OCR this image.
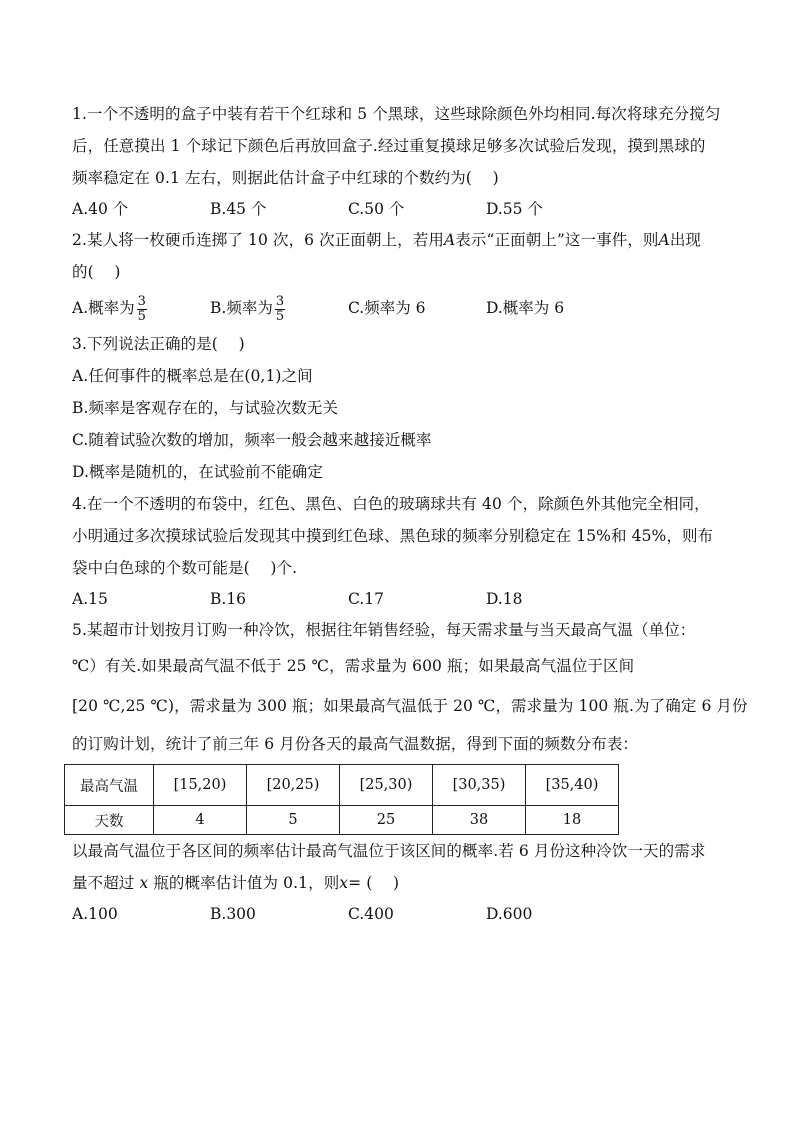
1.一个不透明的盒子中装有若干个红球和 5 个黑球，这些球除颜色外均相同.每次将球充分搅匀
后，任意摸出 1 个球记下颜色后再放回盒子.经过重复摸球足够多次试验后发现，摸到黑球的
频率稳定在 0.1 左右，则据此估计盒子中红球的个数约为(　 )
A.40 个	B.45 个	C.50 个	D.55 个
2.某人将一枚硬币连掷了 10 次，6 次正面朝上，若用A表示“正面朝上”这一事件，则A出现
的(　 )
A.概率为 $\frac{3}{5}$	B.频率为 $\frac{3}{5}$	C.频率为 6	D.概率为 6
3.下列说法正确的是(　 )
A.任何事件的概率总是在(0,1)之间
B.频率是客观存在的，与试验次数无关
C.随着试验次数的增加，频率一般会越来越接近概率
D.概率是随机的，在试验前不能确定
4.在一个不透明的布袋中，红色、黑色、白色的玻璃球共有 40 个，除颜色外其他完全相同，
小明通过多次摸球试验后发现其中摸到红色球、黑色球的频率分别稳定在 15%和 45%，则布
袋中白色球的个数可能是(　 )个.
A.15	B.16	C.17	D.18
5.某超市计划按月订购一种冷饮，根据往年销售经验，每天需求量与当天最高气温（单位：
℃）有关.如果最高气温不低于 25 ℃，需求量为 600 瓶；如果最高气温位于区间
[20 ℃,25 ℃)，需求量为 300 瓶；如果最高气温低于 20 ℃，需求量为 100 瓶.为了确定 6 月份
的订购计划，统计了前三年 6 月份各天的最高气温数据，得到下面的频数分布表：
最高气温	[15,20)	[20,25)	[25,30)	[30,35)	[35,40)
天数	4	5	25	38	18
以最高气温位于各区间的频率估计最高气温位于该区间的概率.若 6 月份这种冷饮一天的需求
量不超过 x 瓶的概率估计值为 0.1，则x= (　 )
A.100	B.300	C.400	D.600
